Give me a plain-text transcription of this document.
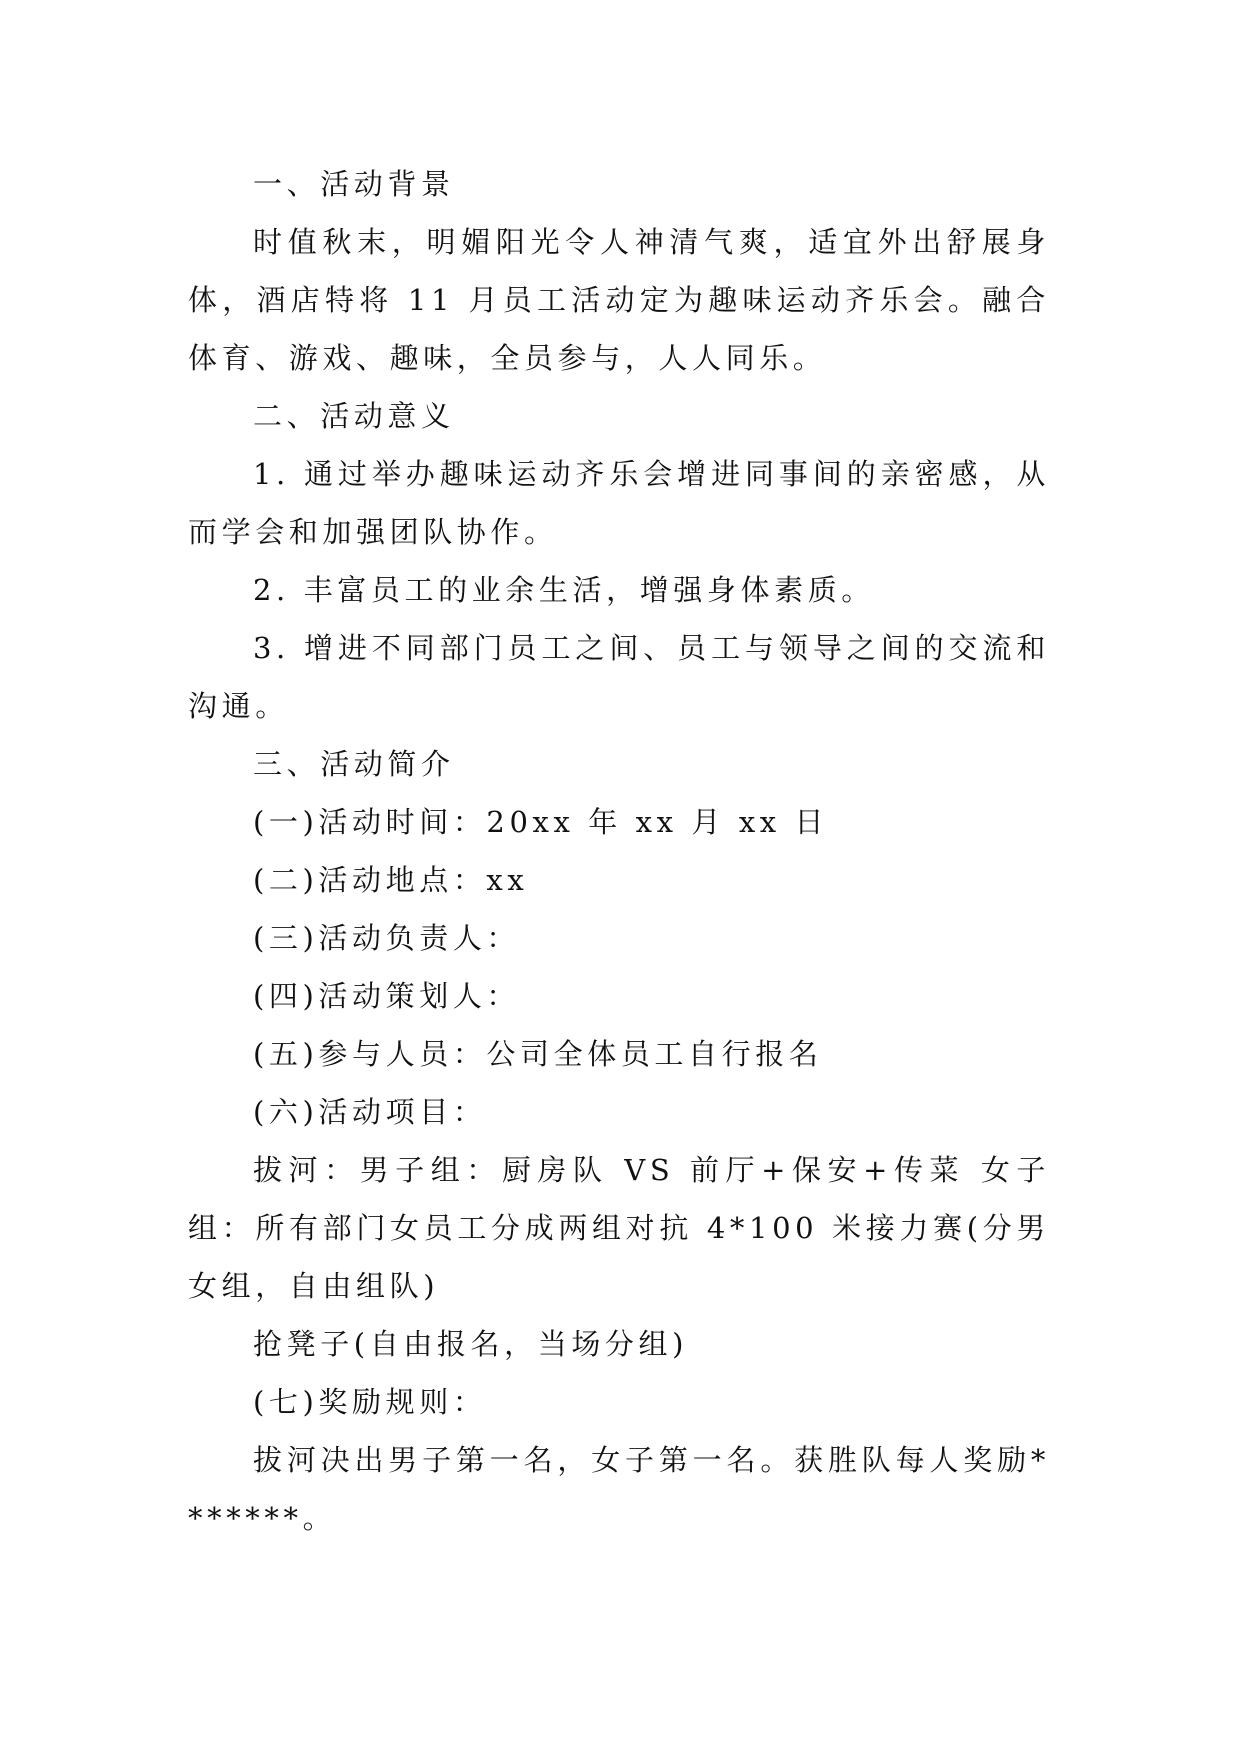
一、活动背景

时值秋末，明媚阳光令人神清气爽，适宜外出舒展身体，酒店特将 11 月员工活动定为趣味运动齐乐会。融合体育、游戏、趣味，全员参与，人人同乐。

二、活动意义

1. 通过举办趣味运动齐乐会增进同事间的亲密感，从而学会和加强团队协作。

2. 丰富员工的业余生活，增强身体素质。

3. 增进不同部门员工之间、员工与领导之间的交流和沟通。

三、活动简介

(一)活动时间：20xx 年 xx 月 xx 日

(二)活动地点：xx

(三)活动负责人：

(四)活动策划人：

(五)参与人员：公司全体员工自行报名

(六)活动项目：

拔河：男子组：厨房队 VS 前厅+保安+传菜 女子组：所有部门女员工分成两组对抗 4*100 米接力赛(分男女组，自由组队)

抢凳子(自由报名，当场分组)

(七)奖励规则：

拔河决出男子第一名，女子第一名。获胜队每人奖励*******。
